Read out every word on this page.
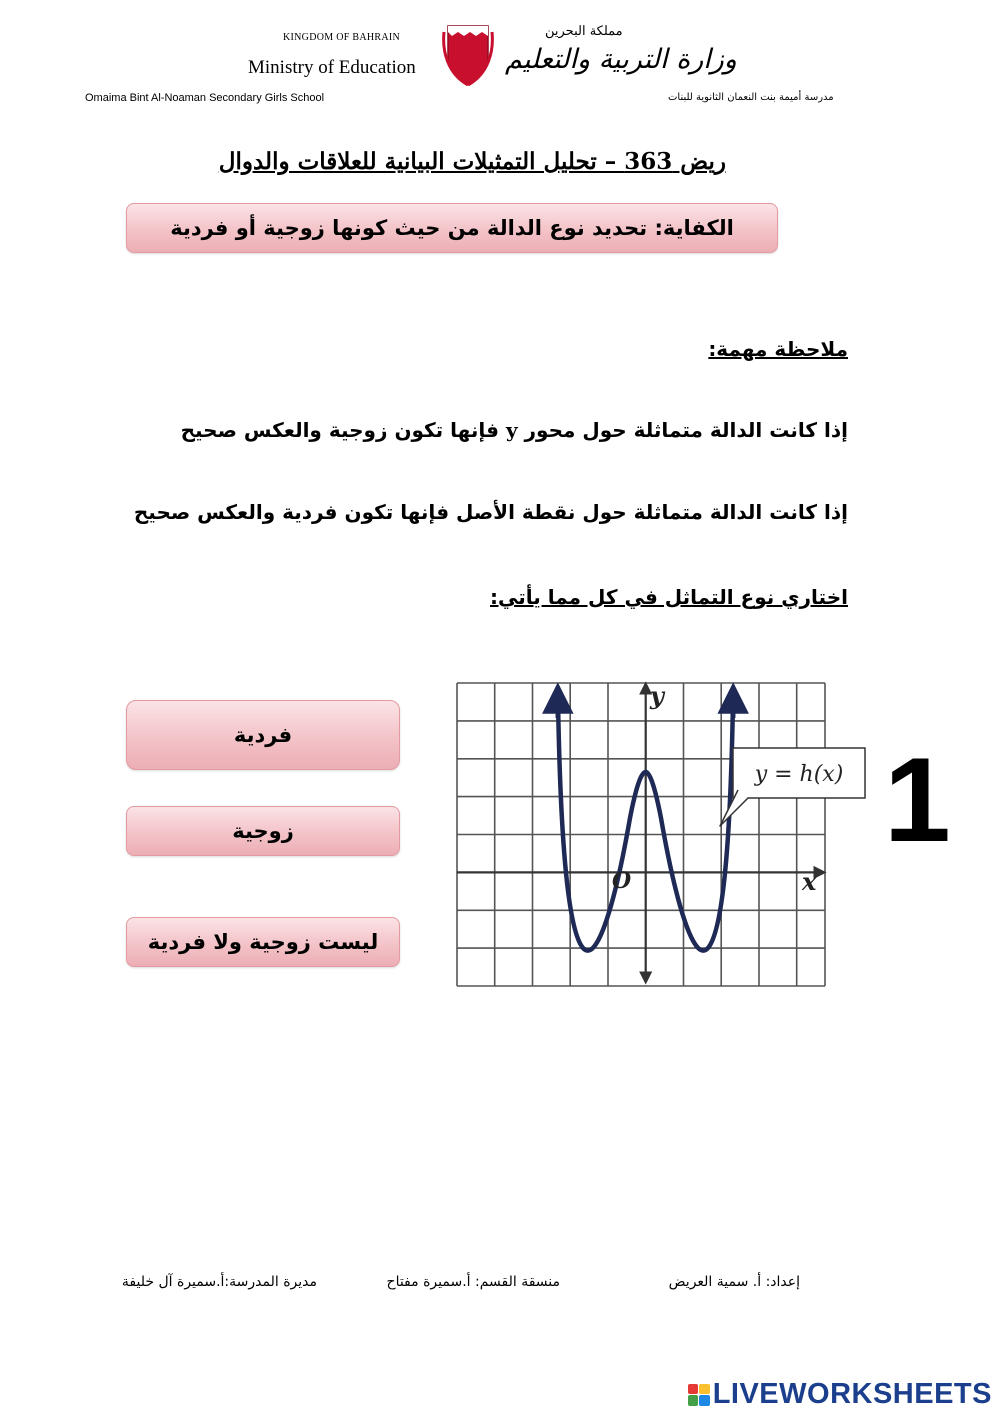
KINGDOM OF BAHRAIN
Ministry of Education
مملكة البحرين
وزارة التربية والتعليم
Omaima Bint Al-Noaman Secondary Girls School	مدرسة أميمة بنت النعمان الثانوية للبنات
ريض 363 – تحليل التمثيلات البيانية للعلاقات والدوال
الكفاية: تحديد نوع الدالة من حيث كونها زوجية أو فردية
ملاحظة مهمة:
إذا كانت الدالة متماثلة حول محور y فإنها تكون زوجية والعكس صحيح
إذا كانت الدالة متماثلة حول نقطة الأصل فإنها تكون فردية والعكس صحيح
اختاري نوع التماثل في كل مما يأتي:
فردية
زوجية
ليست زوجية ولا فردية
y = h(x)
y
x
O
1
إعداد: أ. سمية العريض
منسقة القسم: أ.سميرة مفتاح
مديرة المدرسة:أ.سميرة آل خليفة
LIVEWORKSHEETS
